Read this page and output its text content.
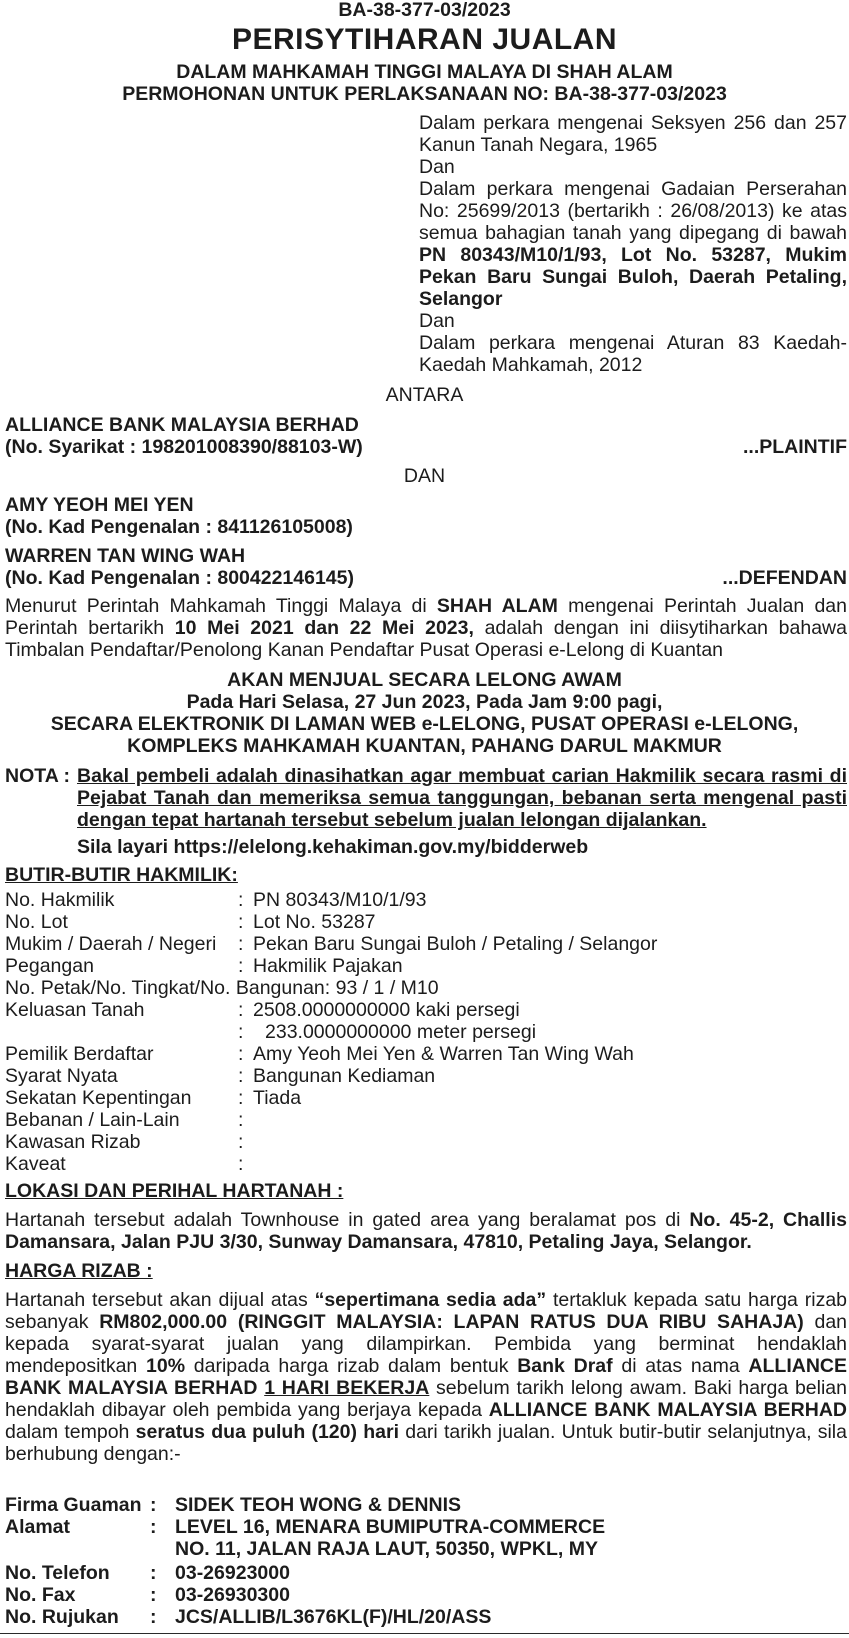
BA-38-377-03/2023
PERISYTIHARAN JUALAN
DALAM MAHKAMAH TINGGI MALAYA DI SHAH ALAM
PERMOHONAN UNTUK PERLAKSANAAN NO: BA-38-377-03/2023
Dalam perkara mengenai Seksyen 256 dan 257
Kanun Tanah Negara, 1965
Dan
Dalam perkara mengenai Gadaian Perserahan
No: 25699/2013 (bertarikh : 26/08/2013) ke atas
semua bahagian tanah yang dipegang di bawah
PN 80343/M10/1/93, Lot No. 53287, Mukim
Pekan Baru Sungai Buloh, Daerah Petaling,
Selangor
Dan
Dalam perkara mengenai Aturan 83 Kaedah-
Kaedah Mahkamah, 2012
ANTARA
ALLIANCE BANK MALAYSIA BERHAD
(No. Syarikat : 198201008390/88103-W)	...PLAINTIF
DAN
AMY YEOH MEI YEN
(No. Kad Pengenalan : 841126105008)
WARREN TAN WING WAH
(No. Kad Pengenalan : 800422146145)	...DEFENDAN
Menurut Perintah Mahkamah Tinggi Malaya di SHAH ALAM mengenai Perintah Jualan dan Perintah bertarikh 10 Mei 2021 dan 22 Mei 2023, adalah dengan ini diisytiharkan bahawa Timbalan Pendaftar/Penolong Kanan Pendaftar Pusat Operasi e-Lelong di Kuantan
AKAN MENJUAL SECARA LELONG AWAM
Pada Hari Selasa, 27 Jun 2023, Pada Jam 9:00 pagi,
SECARA ELEKTRONIK DI LAMAN WEB e-LELONG, PUSAT OPERASI e-LELONG,
KOMPLEKS MAHKAMAH KUANTAN, PAHANG DARUL MAKMUR
NOTA : Bakal pembeli adalah dinasihatkan agar membuat carian Hakmilik secara rasmi di
Pejabat Tanah dan memeriksa semua tanggungan, bebanan serta mengenal pasti
dengan tepat hartanah tersebut sebelum jualan lelongan dijalankan.
Sila layari https://elelong.kehakiman.gov.my/bidderweb
BUTIR-BUTIR HAKMILIK:
No. Hakmilik	: PN 80343/M10/1/93
No. Lot	: Lot No. 53287
Mukim / Daerah / Negeri : Pekan Baru Sungai Buloh / Petaling / Selangor
Pegangan	: Hakmilik Pajakan
No. Petak/No. Tingkat/No. Bangunan: 93 / 1 / M10
Keluasan Tanah	: 2508.0000000000 kaki persegi
: 233.0000000000 meter persegi
Pemilik Berdaftar	: Amy Yeoh Mei Yen & Warren Tan Wing Wah
Syarat Nyata	: Bangunan Kediaman
Sekatan Kepentingan : Tiada
Bebanan / Lain-Lain	:
Kawasan Rizab	:
Kaveat	:
LOKASI DAN PERIHAL HARTANAH :
Hartanah tersebut adalah Townhouse in gated area yang beralamat pos di No. 45-2, Challis Damansara, Jalan PJU 3/30, Sunway Damansara, 47810, Petaling Jaya, Selangor.
HARGA RIZAB :
Hartanah tersebut akan dijual atas “sepertimana sedia ada” tertakluk kepada satu harga rizab sebanyak RM802,000.00 (RINGGIT MALAYSIA: LAPAN RATUS DUA RIBU SAHAJA) dan kepada syarat-syarat jualan yang dilampirkan. Pembida yang berminat hendaklah mendepositkan 10% daripada harga rizab dalam bentuk Bank Draf di atas nama ALLIANCE BANK MALAYSIA BERHAD 1 HARI BEKERJA sebelum tarikh lelong awam. Baki harga belian hendaklah dibayar oleh pembida yang berjaya kepada ALLIANCE BANK MALAYSIA BERHAD dalam tempoh seratus dua puluh (120) hari dari tarikh jualan. Untuk butir-butir selanjutnya, sila berhubung dengan:-
Firma Guaman : SIDEK TEOH WONG & DENNIS
Alamat	: LEVEL 16, MENARA BUMIPUTRA-COMMERCE
NO. 11, JALAN RAJA LAUT, 50350, WPKL, MY
No. Telefon : 03-26923000
No. Fax	: 03-26930300
No. Rujukan : JCS/ALLIB/L3676KL(F)/HL/20/ASS
